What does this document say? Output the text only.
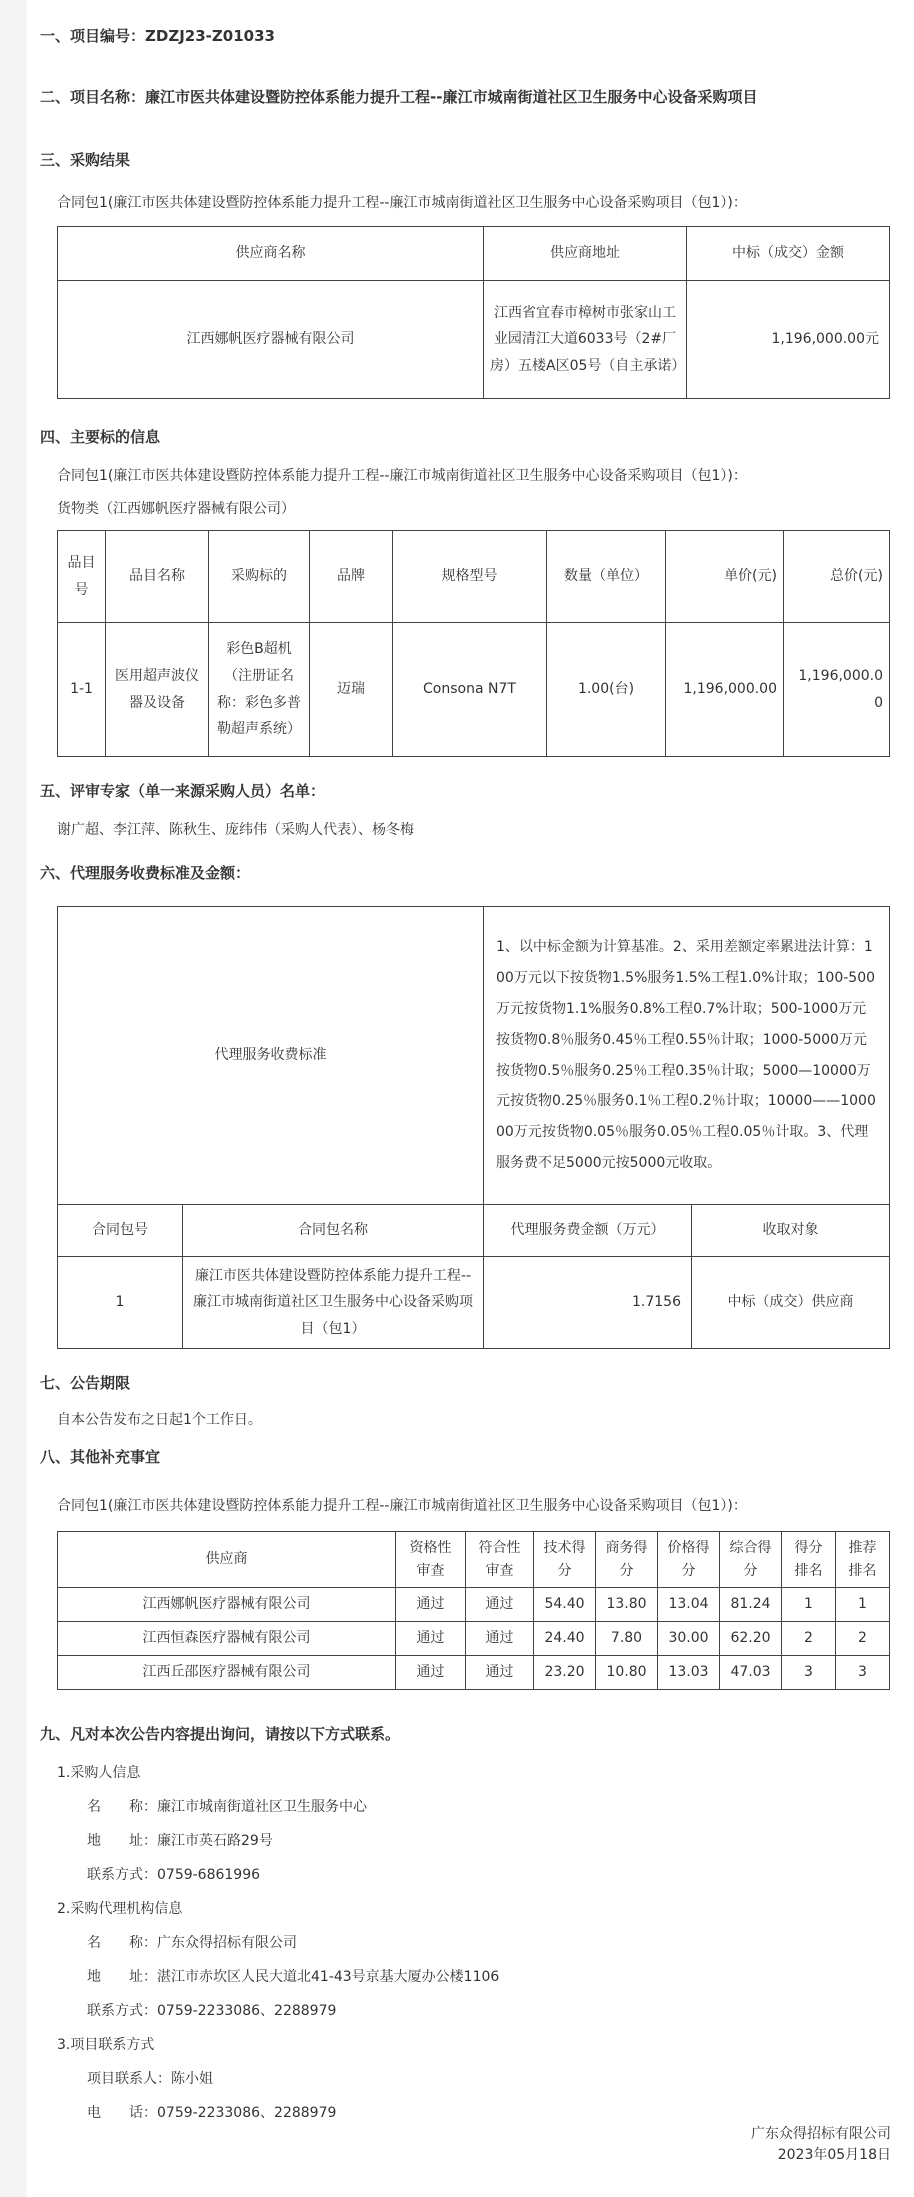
一、项目编号：ZDZJ23-Z01033

二、项目名称：廉江市医共体建设暨防控体系能力提升工程--廉江市城南街道社区卫生服务中心设备采购项目

三、采购结果

合同包1(廉江市医共体建设暨防控体系能力提升工程--廉江市城南街道社区卫生服务中心设备采购项目（包1）)：

供应商名称	供应商地址	中标（成交）金额
江西娜帆医疗器械有限公司	江西省宜春市樟树市张家山工业园清江大道6033号（2#厂房）五楼A区05号（自主承诺）	1,196,000.00元

四、主要标的信息

合同包1(廉江市医共体建设暨防控体系能力提升工程--廉江市城南街道社区卫生服务中心设备采购项目（包1）)：

货物类（江西娜帆医疗器械有限公司）

品目号	品目名称	采购标的	品牌	规格型号	数量（单位）	单价(元)	总价(元)
1-1	医用超声波仪器及设备	彩色B超机（注册证名称：彩色多普勒超声系统）	迈瑞	Consona N7T	1.00(台)	1,196,000.00	1,196,000.00

五、评审专家（单一来源采购人员）名单：

谢广超、李江萍、陈秋生、庞纬伟（采购人代表）、杨冬梅

六、代理服务收费标准及金额：

代理服务收费标准		1、以中标金额为计算基准。2、采用差额定率累进法计算：100万元以下按货物1.5%服务1.5%工程1.0%计取；100-500万元按货物1.1%服务0.8%工程0.7%计取；500-1000万元按货物0.8％服务0.45％工程0.55％计取；1000-5000万元按货物0.5％服务0.25％工程0.35％计取；5000—10000万元按货物0.25％服务0.1％工程0.2％计取；10000——100000万元按货物0.05％服务0.05％工程0.05％计取。3、代理服务费不足5000元按5000元收取。	
合同包号	合同包名称	代理服务费金额（万元）	收取对象
1	廉江市医共体建设暨防控体系能力提升工程--廉江市城南街道社区卫生服务中心设备采购项目（包1）	1.7156	中标（成交）供应商

七、公告期限

自本公告发布之日起1个工作日。

八、其他补充事宜

合同包1(廉江市医共体建设暨防控体系能力提升工程--廉江市城南街道社区卫生服务中心设备采购项目（包1）)：

供应商	资格性审查	符合性审查	技术得分	商务得分	价格得分	综合得分	得分排名	推荐排名
江西娜帆医疗器械有限公司	通过	通过	54.40	13.80	13.04	81.24	1	1
江西恒森医疗器械有限公司	通过	通过	24.40	7.80	30.00	62.20	2	2
江西丘邵医疗器械有限公司	通过	通过	23.20	10.80	13.03	47.03	3	3

九、凡对本次公告内容提出询问，请按以下方式联系。

1.采购人信息

名　　称：廉江市城南街道社区卫生服务中心

地　　址：廉江市英石路29号

联系方式：0759-6861996

2.采购代理机构信息

名　　称：广东众得招标有限公司

地　　址：湛江市赤坎区人民大道北41-43号京基大厦办公楼1106

联系方式：0759-2233086、2288979

3.项目联系方式

项目联系人：陈小姐

电　　话：0759-2233086、2288979

广东众得招标有限公司

2023年05月18日
